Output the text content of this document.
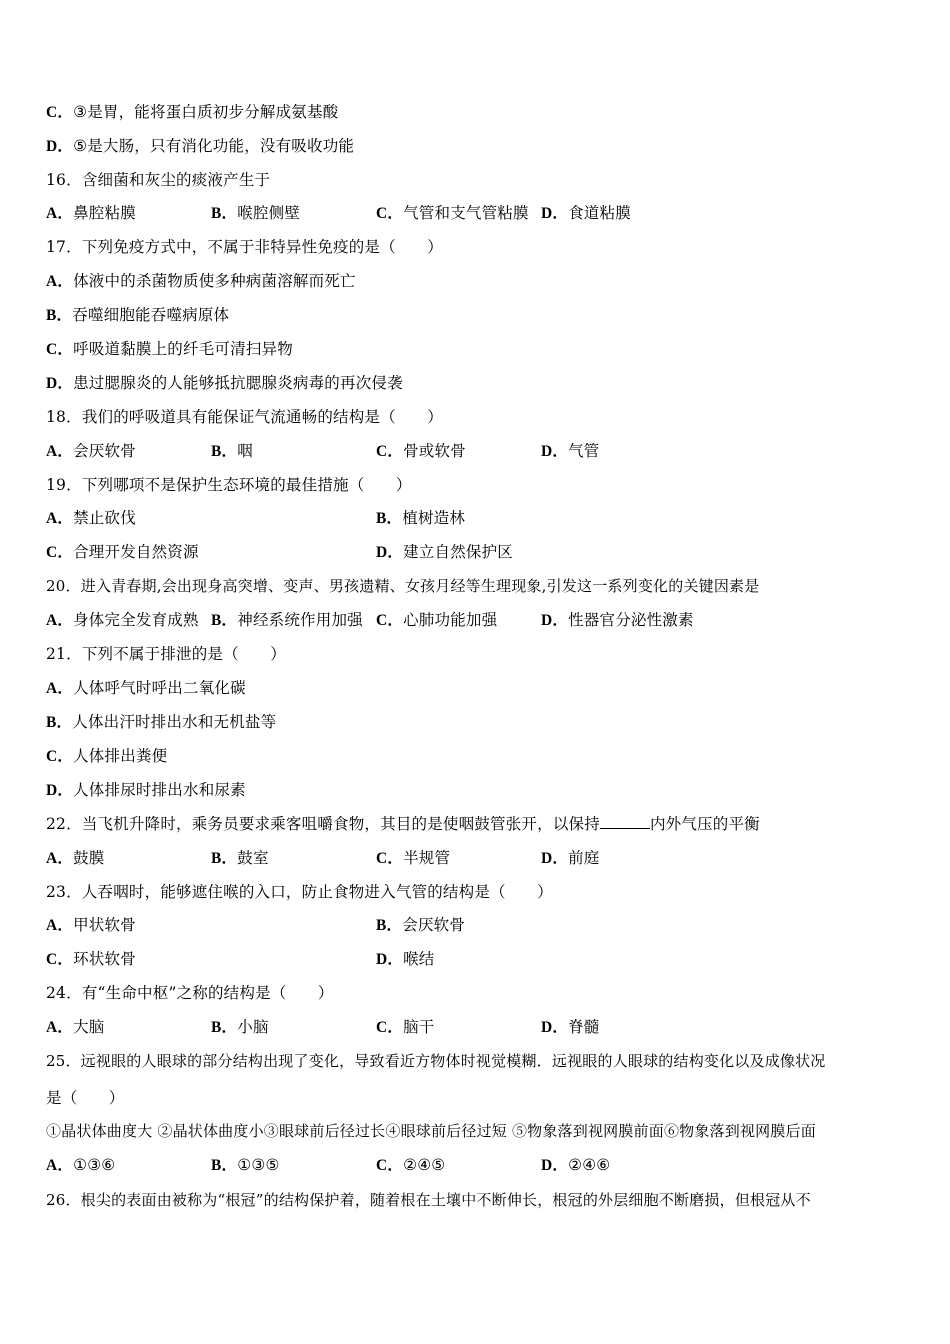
C．③是胃，能将蛋白质初步分解成氨基酸
D．⑤是大肠，只有消化功能，没有吸收功能
16．含细菌和灰尘的痰液产生于
A．鼻腔粘膜	B．喉腔侧壁	C．气管和支气管粘膜 D．食道粘膜
17．下列免疫方式中，不属于非特异性免疫的是（　　）
A．体液中的杀菌物质使多种病菌溶解而死亡
B．吞噬细胞能吞噬病原体
C．呼吸道黏膜上的纤毛可清扫异物
D．患过腮腺炎的人能够抵抗腮腺炎病毒的再次侵袭
18．我们的呼吸道具有能保证气流通畅的结构是（　　）
A．会厌软骨	B．咽	C．骨或软骨	D．气管
19．下列哪项不是保护生态环境的最佳措施（　　）
A．禁止砍伐	B．植树造林
C．合理开发自然资源	D．建立自然保护区
20．进入青春期,会出现身高突增、变声、男孩遗精、女孩月经等生理现象,引发这一系列变化的关键因素是
A．身体完全发育成熟 B．神经系统作用加强 C．心肺功能加强	D．性器官分泌性激素
21．下列不属于排泄的是（　　）
A．人体呼气时呼出二氧化碳
B．人体出汗时排出水和无机盐等
C．人体排出粪便
D．人体排尿时排出水和尿素
22．当飞机升降时，乘务员要求乘客咀嚼食物，其目的是使咽鼓管张开，以保持	内外气压的平衡
A．鼓膜	B．鼓室	C．半规管	D．前庭
23．人吞咽时，能够遮住喉的入口，防止食物进入气管的结构是（　　）
A．甲状软骨	B．会厌软骨
C．环状软骨	D．喉结
24．有“生命中枢”之称的结构是（　　）
A．大脑	B．小脑	C．脑干	D．脊髓
25．远视眼的人眼球的部分结构出现了变化，导致看近方物体时视觉模糊．远视眼的人眼球的结构变化以及成像状况
是（　　）
①晶状体曲度大 ②晶状体曲度小③眼球前后径过长④眼球前后径过短 ⑤物象落到视网膜前面⑥物象落到视网膜后面
A．①③⑥	B．①③⑤	C．②④⑤	D．②④⑥
26．根尖的表面由被称为“根冠”的结构保护着，随着根在土壤中不断伸长，根冠的外层细胞不断磨损，但根冠从不
